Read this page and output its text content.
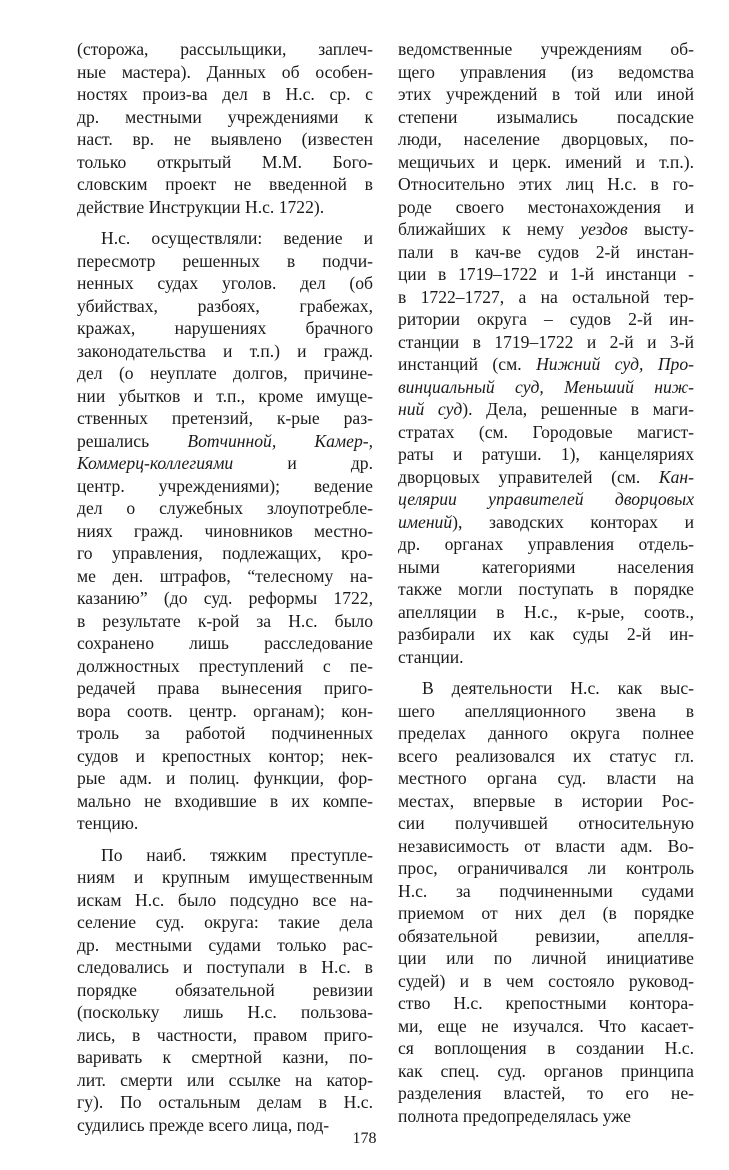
(сторожа, рассыльщики, заплеч-
ные мастера). Данных об особен-
ностях произ-ва дел в Н.с. ср. с
др. местными учреждениями к
наст. вр. не выявлено (известен
только открытый М.М. Бого-
словским проект не введенной в
действие Инструкции Н.с. 1722).

Н.с. осуществляли: ведение и
пересмотр решенных в подчи-
ненных судах уголов. дел (об
убийствах, разбоях, грабежах,
кражах, нарушениях брачного
законодательства и т.п.) и гражд.
дел (о неуплате долгов, причине-
нии убытков и т.п., кроме имуще-
ственных претензий, к-рые раз-
решались Вотчинной, Камер-,
Коммерц-коллегиями    и    др.
центр. учреждениями); ведение
дел о служебных злоупотребле-
ниях гражд. чиновников местно-
го управления, подлежащих, кро-
ме ден. штрафов, “телесному на-
казанию” (до суд. реформы 1722,
в результате к-рой за Н.с. было
сохранено лишь расследование
должностных преступлений с пе-
редачей права вынесения приго-
вора соотв. центр. органам); кон-
троль за работой подчиненных
судов и крепостных контор; нек-
рые адм. и полиц. функции, фор-
мально не входившие в их компе-
тенцию.

По наиб. тяжким преступле-
ниям и крупным имущественным
искам Н.с. было подсудно все на-
селение суд. округа: такие дела
др. местными судами только рас-
следовались и поступали в Н.с. в
порядке обязательной ревизии
(поскольку лишь Н.с. пользова-
лись, в частности, правом приго-
варивать к смертной казни, по-
лит. смерти или ссылке на катор-
гу). По остальным делам в Н.с.
судились прежде всего лица, под-

ведомственные учреждениям об-
щего управления (из ведомства
этих учреждений в той или иной
степени изымались посадские
люди, население дворцовых, по-
мещичьих и церк. имений и т.п.).
Относительно этих лиц Н.с. в го-
роде своего местонахождения и
ближайших к нему уездов высту-
пали в кач-ве судов 2-й инстан-
ции в 1719–1722 и 1-й инстанци -
в 1722–1727, а на остальной тер-
ритории округа – судов 2-й ин-
станции в 1719–1722 и 2-й и 3-й
инстанций (см. Нижний суд, Про-
винциальный суд, Меньший ниж-
ний суд). Дела, решенные в маги-
стратах (см. Городовые магист-
раты и ратуши. 1), канцеляриях
дворцовых управителей (см. Кан-
целярии управителей дворцовых
имений), заводских конторах и
др. органах управления отдель-
ными категориями населения
также могли поступать в порядке
апелляции в Н.с., к-рые, соотв.,
разбирали их как суды 2-й ин-
станции.

В деятельности Н.с. как выс-
шего апелляционного звена в
пределах данного округа полнее
всего реализовался их статус гл.
местного органа суд. власти на
местах, впервые в истории Рос-
сии получившей относительную
независимость от власти адм. Во-
прос, ограничивался ли контроль
Н.с. за подчиненными судами
приемом от них дел (в порядке
обязательной ревизии, апелля-
ции или по личной инициативе
судей) и в чем состояло руковод-
ство Н.с. крепостными контора-
ми, еще не изучался. Что касает-
ся воплощения в создании Н.с.
как спец. суд. органов принципа
разделения властей, то его не-
полнота предопределялась уже

178
